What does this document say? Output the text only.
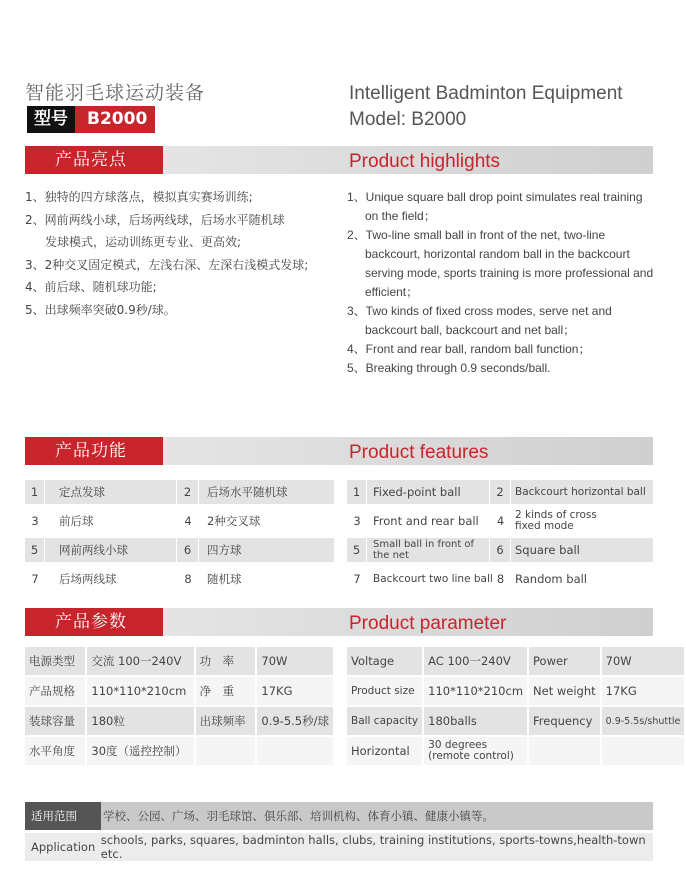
智能羽毛球运动装备
型号	B2000
Intelligent Badminton Equipment
Model: B2000
产品亮点	Product highlights
1、独特的四方球落点，模拟真实赛场训练;
2、网前两线小球，后场两线球，后场水平随机球
发球模式，运动训练更专业、更高效;
3、2种交叉固定模式，左浅右深、左深右浅模式发球;
4、前后球、随机球功能;
5、出球频率突破0.9秒/球。
1、Unique square ball drop point simulates real training on the field；
2、Two-line small ball in front of the net, two-line backcourt, horizontal random ball in the backcourt serving mode, sports training is more professional and efficient；
3、Two kinds of fixed cross modes, serve net and backcourt ball, backcourt and net ball；
4、Front and rear ball, random ball function；
5、Breaking through 0.9 seconds/ball.
产品功能	Product features
1	定点发球	2	后场水平随机球
3	前后球	4	2种交叉球
5	网前两线小球	6	四方球
7	后场两线球	8	随机球
1	Fixed-point ball	2	Backcourt horizontal ball
3	Front and rear ball	4	2 kinds of cross fixed mode
5	Small ball in front of the net	6 Square ball
7	Backcourt two line ball 8 Random ball
产品参数	Product parameter
电源类型	交流 100一240V	功　率	70W
产品规格	110*110*210cm	净　重	17KG
装球容量	180粒	出球频率	0.9-5.5秒/球
水平角度	30度（遥控控制）		
Voltage	AC 100一240V	Power	70W
Product size	110*110*210cm	Net weight	17KG
Ball capacity	180balls	Frequency	0.9-5.5s/shuttle
Horizontal	30 degrees (remote control)		
适用范围	学校、公园、广场、羽毛球馆、俱乐部、培训机构、体育小镇、健康小镇等。
Application schools, parks, squares, badminton halls, clubs, training institutions, sports-towns,health-town etc.
